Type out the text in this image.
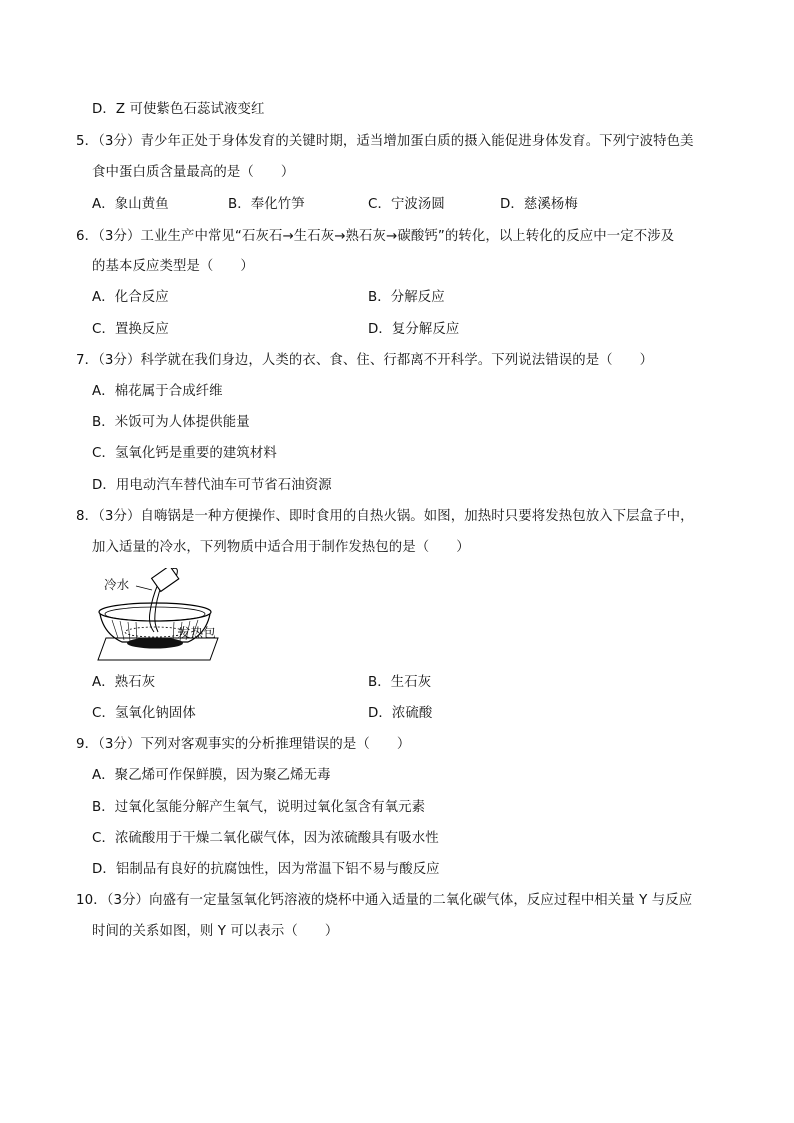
D．Z 可使紫色石蕊试液变红
5．（3分）青少年正处于身体发育的关键时期，适当增加蛋白质的摄入能促进身体发育。下列宁波特色美
食中蛋白质含量最高的是（　　）
A．象山黄鱼	B．奉化竹笋	C．宁波汤圆	D．慈溪杨梅
6．（3分）工业生产中常见“石灰石→生石灰→熟石灰→碳酸钙”的转化，以上转化的反应中一定不涉及
的基本反应类型是（　　）
A．化合反应	B．分解反应
C．置换反应	D．复分解反应
7．（3分）科学就在我们身边，人类的衣、食、住、行都离不开科学。下列说法错误的是（　　）
A．棉花属于合成纤维
B．米饭可为人体提供能量
C．氢氧化钙是重要的建筑材料
D．用电动汽车替代油车可节省石油资源
8．（3分）自嗨锅是一种方便操作、即时食用的自热火锅。如图，加热时只要将发热包放入下层盒子中，
加入适量的冷水，下列物质中适合用于制作发热包的是（　　）
冷水
发热包
A．熟石灰	B．生石灰
C．氢氧化钠固体	D．浓硫酸
9．（3分）下列对客观事实的分析推理错误的是（　　）
A．聚乙烯可作保鲜膜，因为聚乙烯无毒
B．过氧化氢能分解产生氧气，说明过氧化氢含有氧元素
C．浓硫酸用于干燥二氧化碳气体，因为浓硫酸具有吸水性
D．铝制品有良好的抗腐蚀性，因为常温下铝不易与酸反应
10．（3分）向盛有一定量氢氧化钙溶液的烧杯中通入适量的二氧化碳气体，反应过程中相关量 Y 与反应
时间的关系如图，则 Y 可以表示（　　）
